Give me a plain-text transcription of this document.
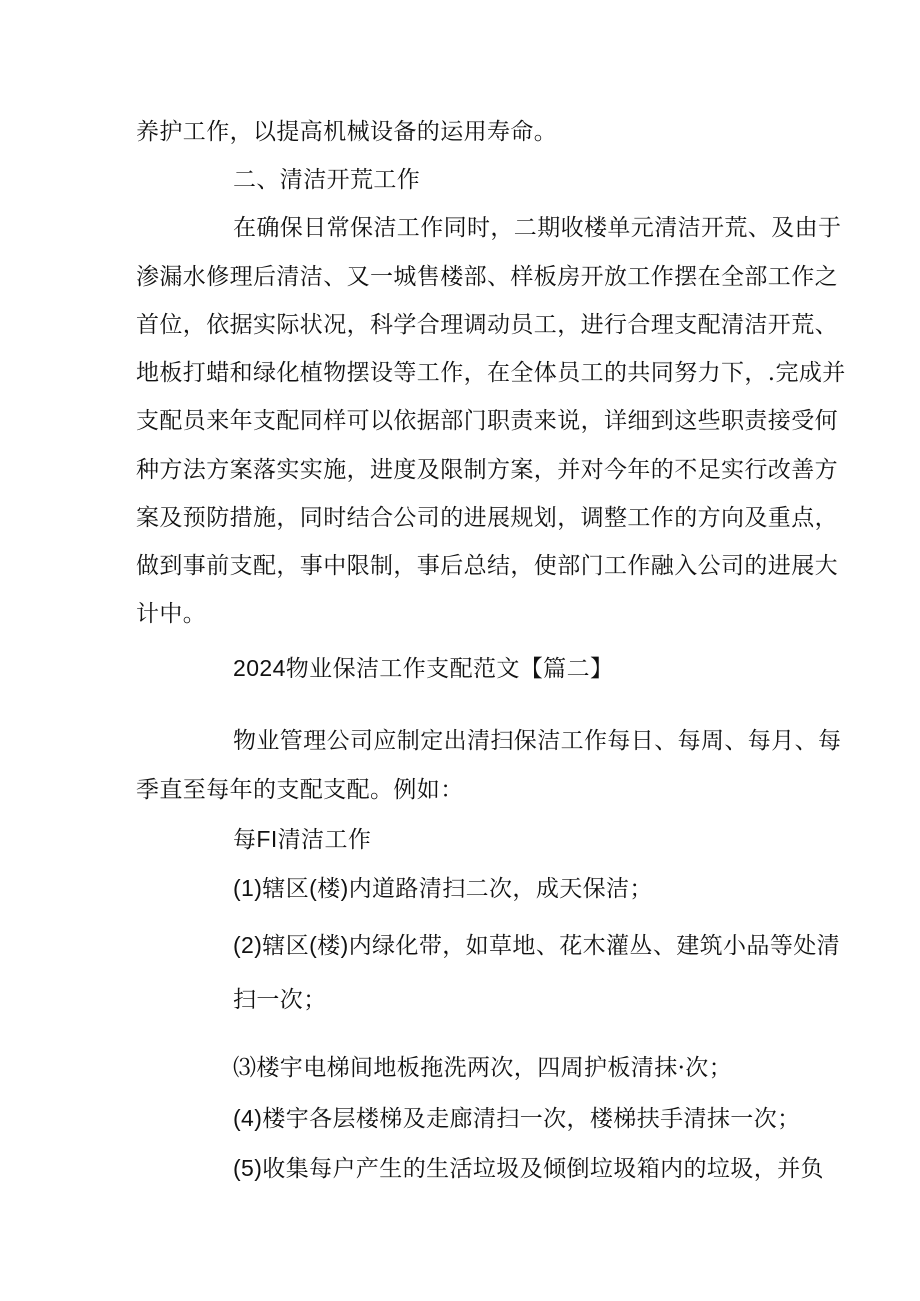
养护工作，以提高机械设备的运用寿命。
二、清洁开荒工作
在确保日常保洁工作同时，二期收楼单元清洁开荒、及由于
渗漏水修理后清洁、又一城售楼部、样板房开放工作摆在全部工作之
首位，依据实际状况，科学合理调动员工，进行合理支配清洁开荒、
地板打蜡和绿化植物摆设等工作，在全体员工的共同努力下，.完成并
支配员来年支配同样可以依据部门职责来说，详细到这些职责接受何
种方法方案落实实施，进度及限制方案，并对今年的不足实行改善方
案及预防措施，同时结合公司的进展规划，调整工作的方向及重点，
做到事前支配，事中限制，事后总结，使部门工作融入公司的进展大
计中。
2024物业保洁工作支配范文【篇二】
物业管理公司应制定出清扫保洁工作每日、每周、每月、每
季直至每年的支配支配。例如：
每FI清洁工作
(1)辖区(楼)内道路清扫二次，成天保洁；
(2)辖区(楼)内绿化带，如草地、花木灌丛、建筑小品等处清
扫一次；
⑶楼宇电梯间地板拖洗两次，四周护板清抹·次；
(4)楼宇各层楼梯及走廊清扫一次，楼梯扶手清抹一次；
(5)收集每户产生的生活垃圾及倾倒垃圾箱内的垃圾，并负
